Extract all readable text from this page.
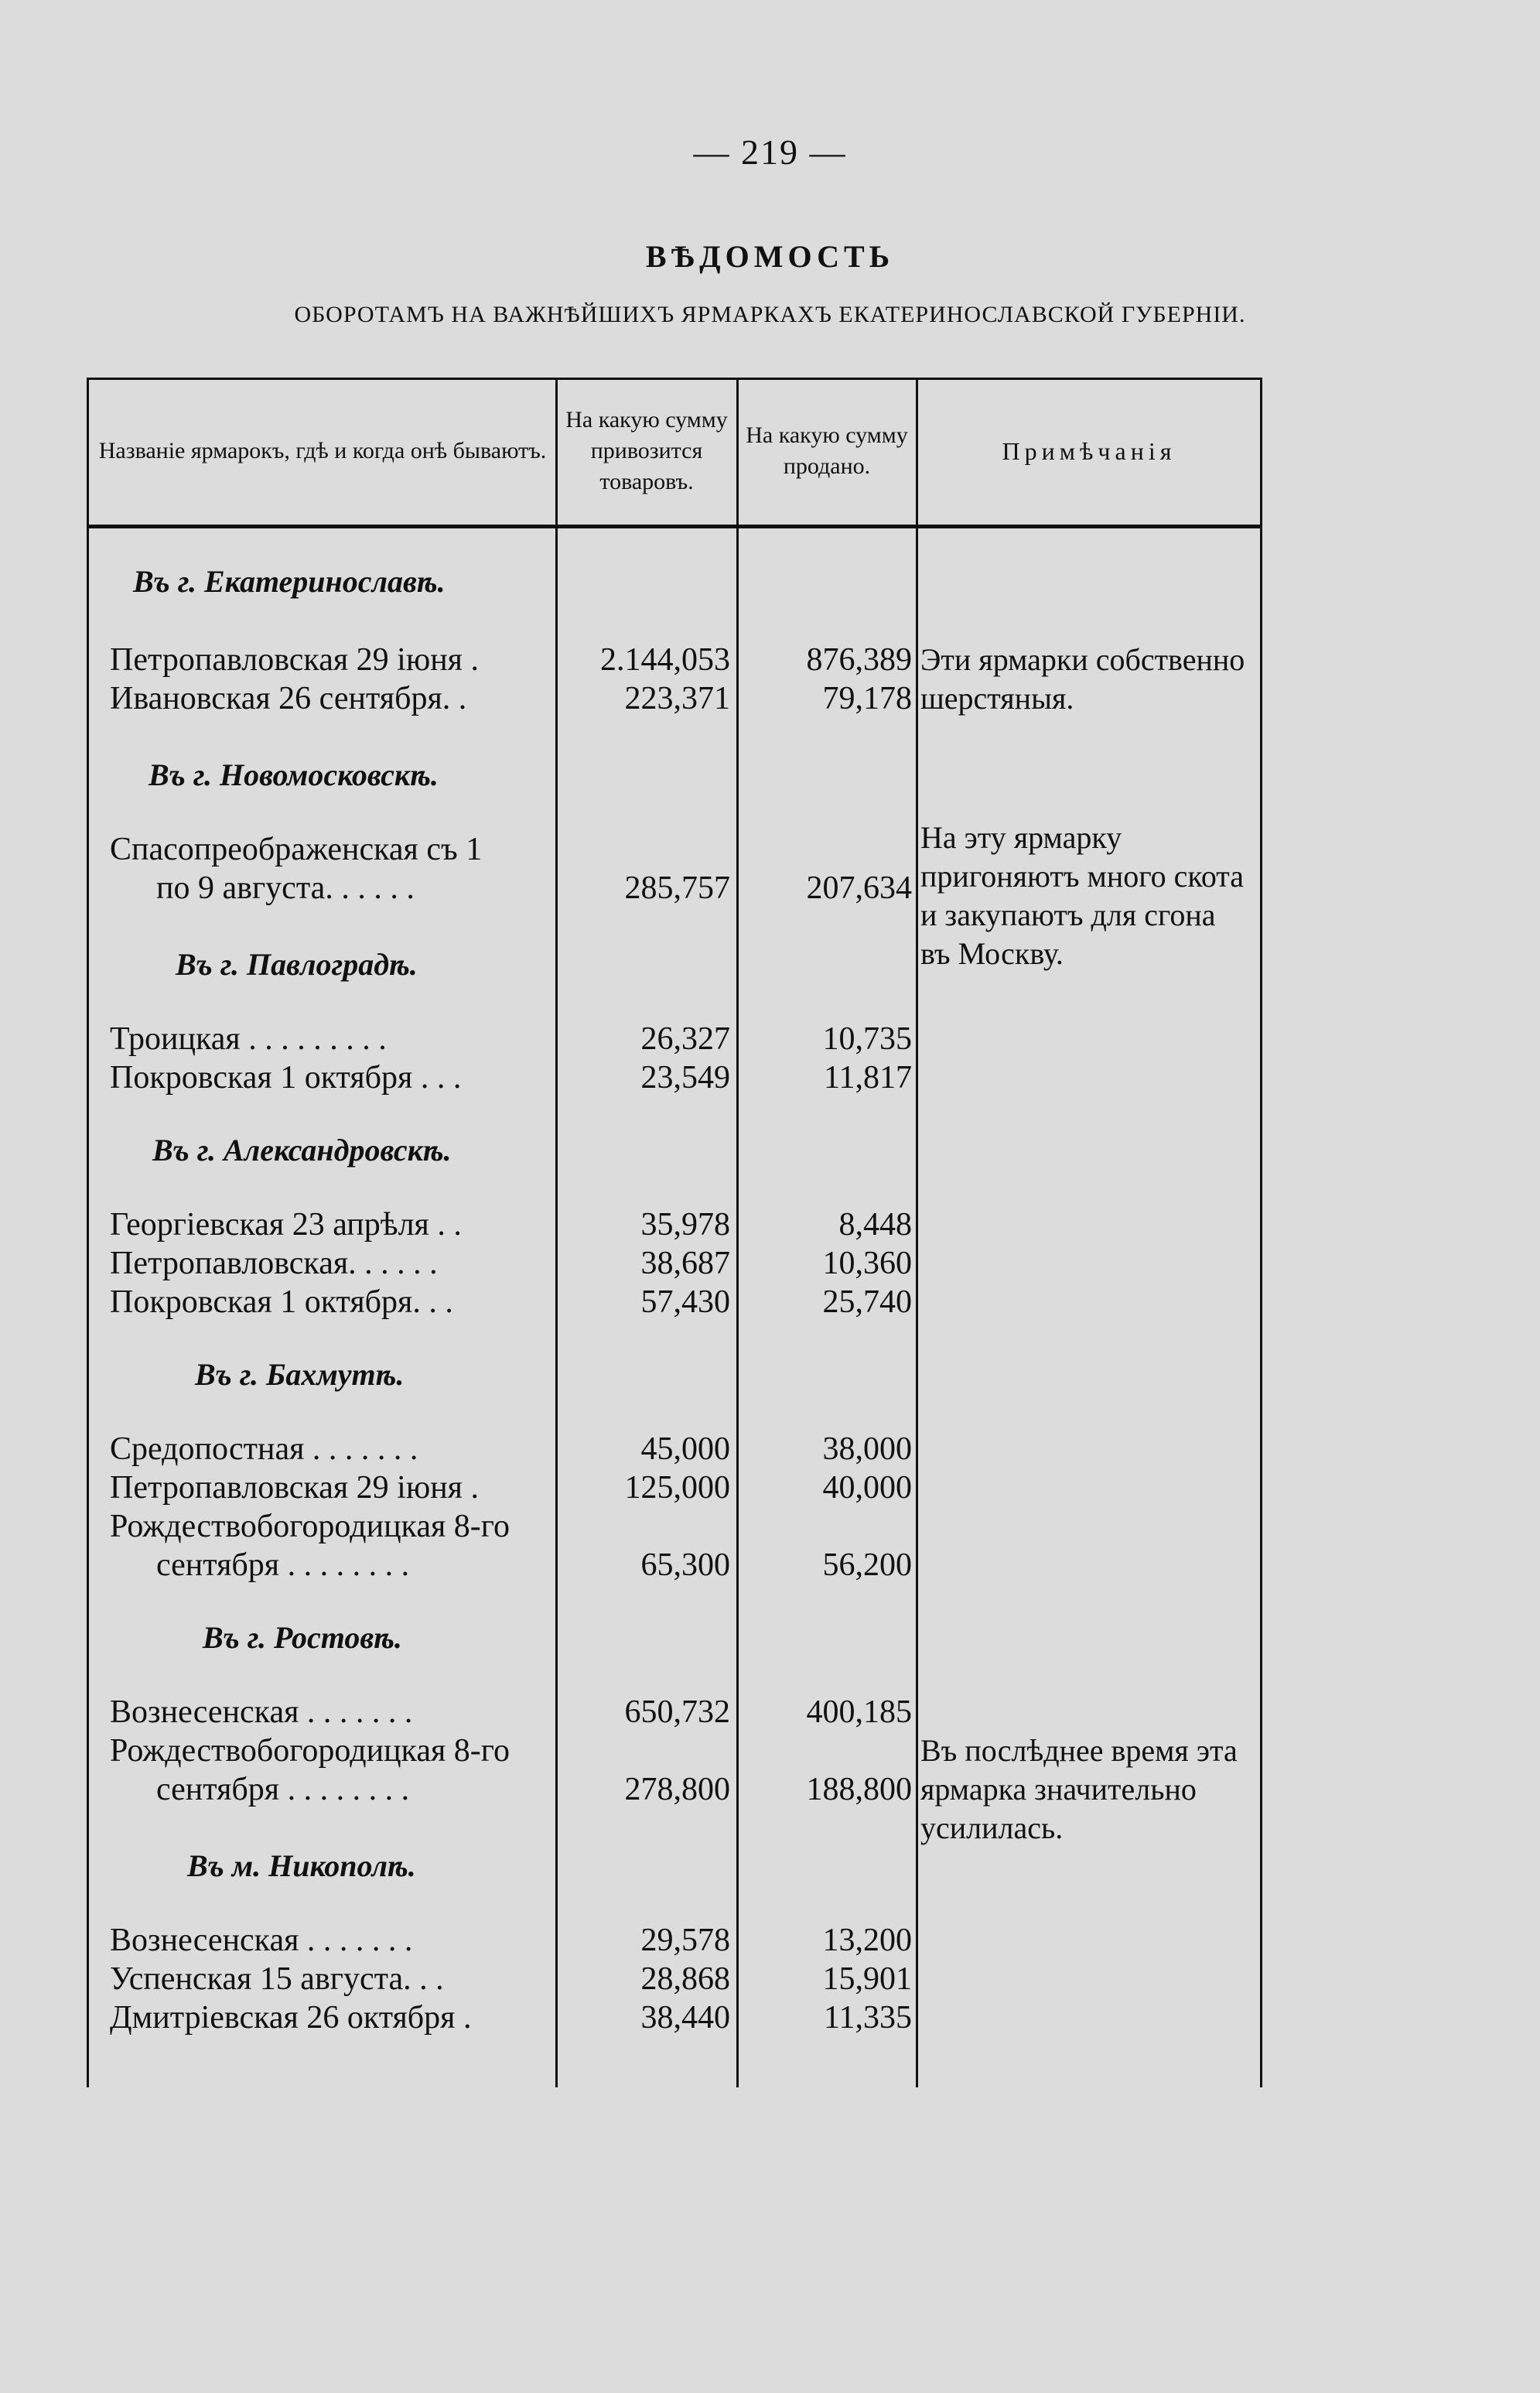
— 219 —
ВѢДОМОСТЬ
ОБОРОТАМЪ НА ВАЖНѢЙШИХЪ ЯРМАРКАХЪ ЕКАТЕРИНОСЛАВСКОЙ ГУБЕРНІИ.
Названіе ярмарокъ, гдѣ и когда онѣ бываютъ.
На какую сумму привозится товаровъ.
На какую сумму продано.
Примѣчанія
Въ г. Екатеринославѣ.
Петропавловская 29 іюня .	2.144,053	876,389
Ивановская 26 сентября. .	223,371	79,178
Эти ярмарки собственно шерстяныя.
Въ г. Новомосковскѣ.
Спасопреображенская съ 1
по 9 августа. . . . . .	285,757	207,634
На эту ярмарку пригоняютъ много скота и закупаютъ для сгона въ Москву.
Въ г. Павлоградѣ.
Троицкая . . . . . . . . .	26,327	10,735
Покровская 1 октября . . .	23,549	11,817
Въ г. Александровскѣ.
Георгіевская 23 апрѣля . .	35,978	8,448
Петропавловская. . . . . .	38,687	10,360
Покровская 1 октября. . .	57,430	25,740
Въ г. Бахмутѣ.
Средопостная . . . . . . .	45,000	38,000
Петропавловская 29 іюня .	125,000	40,000
Рождествобогородицкая 8-го
сентября . . . . . . . .	65,300	56,200
Въ г. Ростовѣ.
Вознесенская . . . . . . .	650,732	400,185
Рождествобогородицкая 8-го
сентября . . . . . . . .	278,800	188,800
Въ послѣднее время эта ярмарка значительно усилилась.
Въ м. Никополѣ.
Вознесенская . . . . . . .	29,578	13,200
Успенская 15 августа. . .	28,868	15,901
Дмитріевская 26 октября .	38,440	11,335
